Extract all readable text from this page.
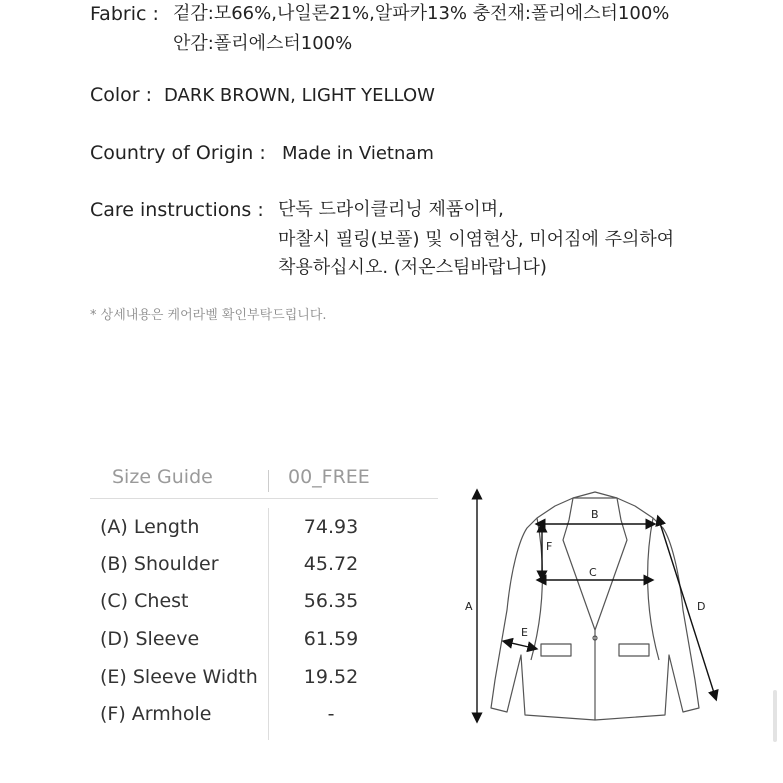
Fabric : 겉감:모66%,나일론21%,알파카13% 충전재:폴리에스터100%
안감:폴리에스터100%
Color : DARK BROWN, LIGHT YELLOW
Country of Origin : Made in Vietnam
Care instructions : 단독 드라이클리닝 제품이며,
마찰시 필링(보풀) 및 이염현상, 미어짐에 주의하여
착용하십시오. (저온스팀바랍니다)
* 상세내용은 케어라벨 확인부탁드립니다.
Size Guide	00_FREE
(A) Length	74.93
(B) Shoulder	45.72
(C) Chest	56.35
(D) Sleeve	61.59
(E) Sleeve Width	19.52
(F) Armhole	-
A
B
C
D
E
F
